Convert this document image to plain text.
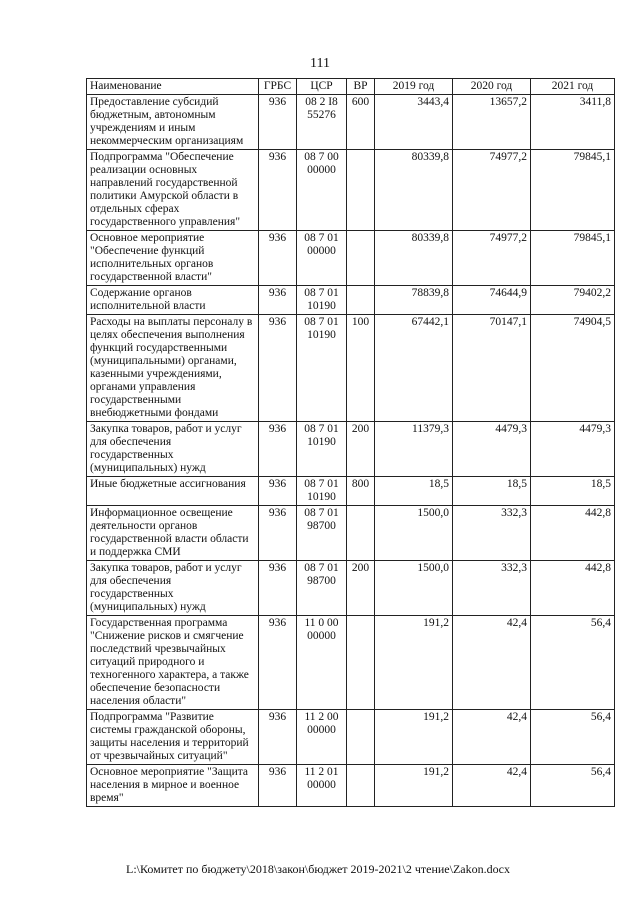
111
Наименование	ГРБС	ЦСР	ВР	2019 год	2020 год	2021 год
Предоставление субсидий бюджетным, автономным учреждениям и иным некоммерческим организациям	936	08 2 I8 55276	600	3443,4	13657,2	3411,8
Подпрограмма "Обеспечение реализации основных направлений государственной политики Амурской области в отдельных сферах государственного управления"	936	08 7 00 00000		80339,8	74977,2	79845,1
Основное мероприятие "Обеспечение функций исполнительных органов государственной власти"	936	08 7 01 00000		80339,8	74977,2	79845,1
Содержание органов исполнительной власти	936	08 7 01 10190		78839,8	74644,9	79402,2
Расходы на выплаты персоналу в целях обеспечения выполнения функций государственными (муниципальными) органами, казенными учреждениями, органами управления государственными внебюджетными фондами	936	08 7 01 10190	100	67442,1	70147,1	74904,5
Закупка товаров, работ и услуг для обеспечения государственных (муниципальных) нужд	936	08 7 01 10190	200	11379,3	4479,3	4479,3
Иные бюджетные ассигнования	936	08 7 01 10190	800	18,5	18,5	18,5
Информационное освещение деятельности органов государственной власти области и поддержка СМИ	936	08 7 01 98700		1500,0	332,3	442,8
Закупка товаров, работ и услуг для обеспечения государственных (муниципальных) нужд	936	08 7 01 98700	200	1500,0	332,3	442,8
Государственная программа "Снижение рисков и смягчение последствий чрезвычайных ситуаций природного и техногенного характера, а также обеспечение безопасности населения области"	936	11 0 00 00000		191,2	42,4	56,4
Подпрограмма "Развитие системы гражданской обороны, защиты населения и территорий от чрезвычайных ситуаций"	936	11 2 00 00000		191,2	42,4	56,4
Основное мероприятие "Защита населения в мирное и военное время"	936	11 2 01 00000		191,2	42,4	56,4
L:\Комитет по бюджету\2018\закон\бюджет 2019-2021\2 чтение\Zakon.docx
